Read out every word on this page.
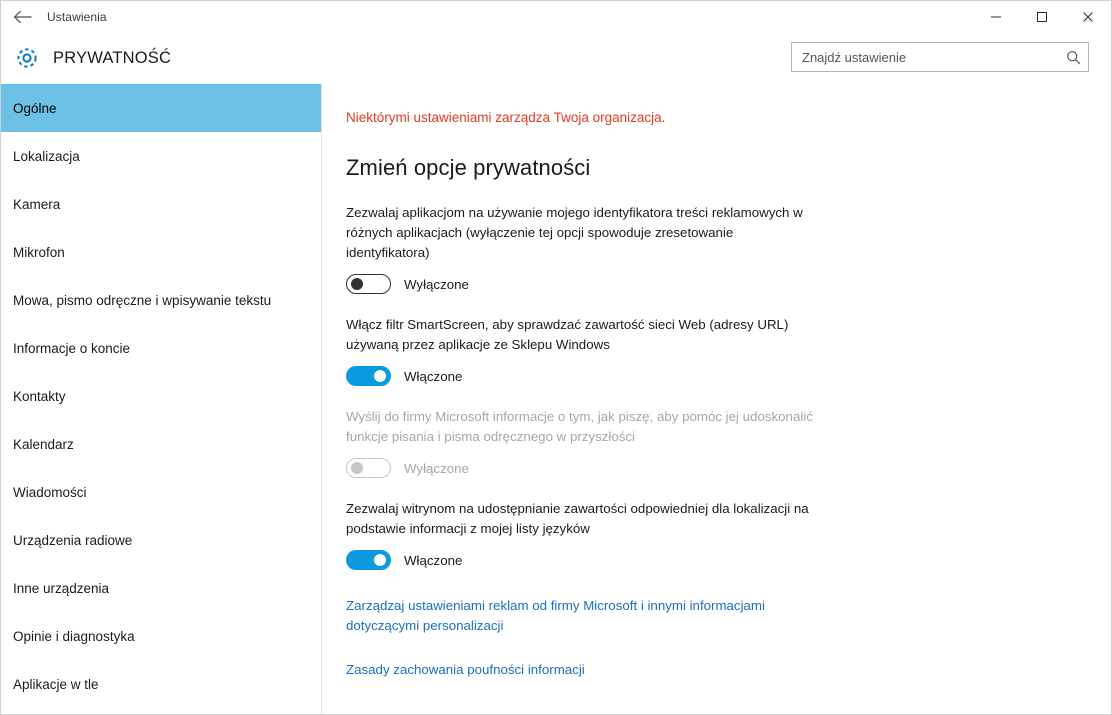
Ustawienia
PRYWATNOŚĆ
Znajdź ustawienie
Ogólne
Lokalizacja
Kamera
Mikrofon
Mowa, pismo odręczne i wpisywanie tekstu
Informacje o koncie
Kontakty
Kalendarz
Wiadomości
Urządzenia radiowe
Inne urządzenia
Opinie i diagnostyka
Aplikacje w tle

Niektórymi ustawieniami zarządza Twoja organizacja.

Zmień opcje prywatności

Zezwalaj aplikacjom na używanie mojego identyfikatora treści reklamowych w różnych aplikacjach (wyłączenie tej opcji spowoduje zresetowanie identyfikatora)

Wyłączone

Włącz filtr SmartScreen, aby sprawdzać zawartość sieci Web (adresy URL) używaną przez aplikacje ze Sklepu Windows

Włączone

Wyślij do firmy Microsoft informacje o tym, jak piszę, aby pomóc jej udoskonalić funkcje pisania i pisma odręcznego w przyszłości

Wyłączone

Zezwalaj witrynom na udostępnianie zawartości odpowiedniej dla lokalizacji na podstawie informacji z mojej listy języków

Włączone
Zarządzaj ustawieniami reklam od firmy Microsoft i innymi informacjami dotyczącymi personalizacji
Zasady zachowania poufności informacji
